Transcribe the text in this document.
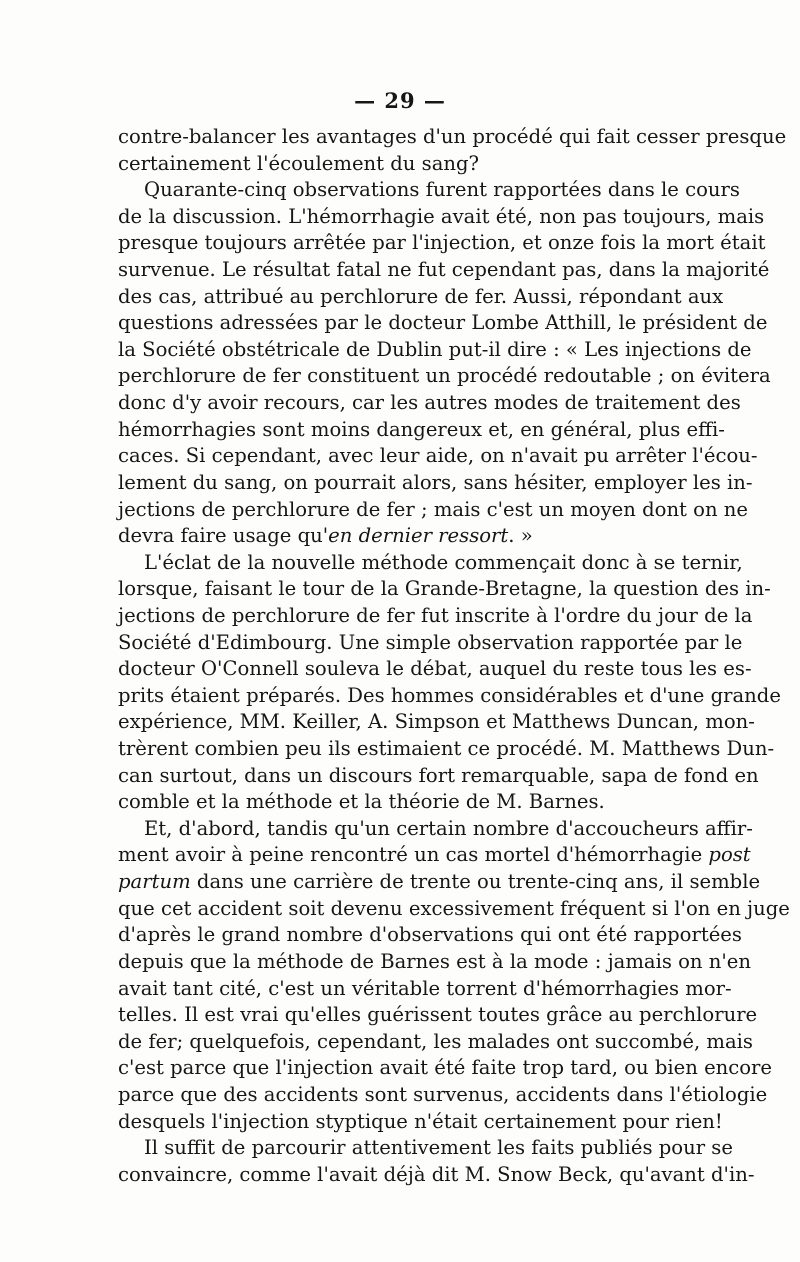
— 29 —
contre-balancer les avantages d'un procédé qui fait cesser presque
certainement l'écoulement du sang?
Quarante-cinq observations furent rapportées dans le cours
de la discussion. L'hémorrhagie avait été, non pas toujours, mais
presque toujours arrêtée par l'injection, et onze fois la mort était
survenue. Le résultat fatal ne fut cependant pas, dans la majorité
des cas, attribué au perchlorure de fer. Aussi, répondant aux
questions adressées par le docteur Lombe Atthill, le président de
la Société obstétricale de Dublin put-il dire : « Les injections de
perchlorure de fer constituent un procédé redoutable ; on évitera
donc d'y avoir recours, car les autres modes de traitement des
hémorrhagies sont moins dangereux et, en général, plus effi-
caces. Si cependant, avec leur aide, on n'avait pu arrêter l'écou-
lement du sang, on pourrait alors, sans hésiter, employer les in-
jections de perchlorure de fer ; mais c'est un moyen dont on ne
devra faire usage qu'en dernier ressort. »
L'éclat de la nouvelle méthode commençait donc à se ternir,
lorsque, faisant le tour de la Grande-Bretagne, la question des in-
jections de perchlorure de fer fut inscrite à l'ordre du jour de la
Société d'Edimbourg. Une simple observation rapportée par le
docteur O'Connell souleva le débat, auquel du reste tous les es-
prits étaient préparés. Des hommes considérables et d'une grande
expérience, MM. Keiller, A. Simpson et Matthews Duncan, mon-
trèrent combien peu ils estimaient ce procédé. M. Matthews Dun-
can surtout, dans un discours fort remarquable, sapa de fond en
comble et la méthode et la théorie de M. Barnes.
Et, d'abord, tandis qu'un certain nombre d'accoucheurs affir-
ment avoir à peine rencontré un cas mortel d'hémorrhagie post
partum dans une carrière de trente ou trente-cinq ans, il semble
que cet accident soit devenu excessivement fréquent si l'on en juge
d'après le grand nombre d'observations qui ont été rapportées
depuis que la méthode de Barnes est à la mode : jamais on n'en
avait tant cité, c'est un véritable torrent d'hémorrhagies mor-
telles. Il est vrai qu'elles guérissent toutes grâce au perchlorure
de fer; quelquefois, cependant, les malades ont succombé, mais
c'est parce que l'injection avait été faite trop tard, ou bien encore
parce que des accidents sont survenus, accidents dans l'étiologie
desquels l'injection styptique n'était certainement pour rien!
Il suffit de parcourir attentivement les faits publiés pour se
convaincre, comme l'avait déjà dit M. Snow Beck, qu'avant d'in-
